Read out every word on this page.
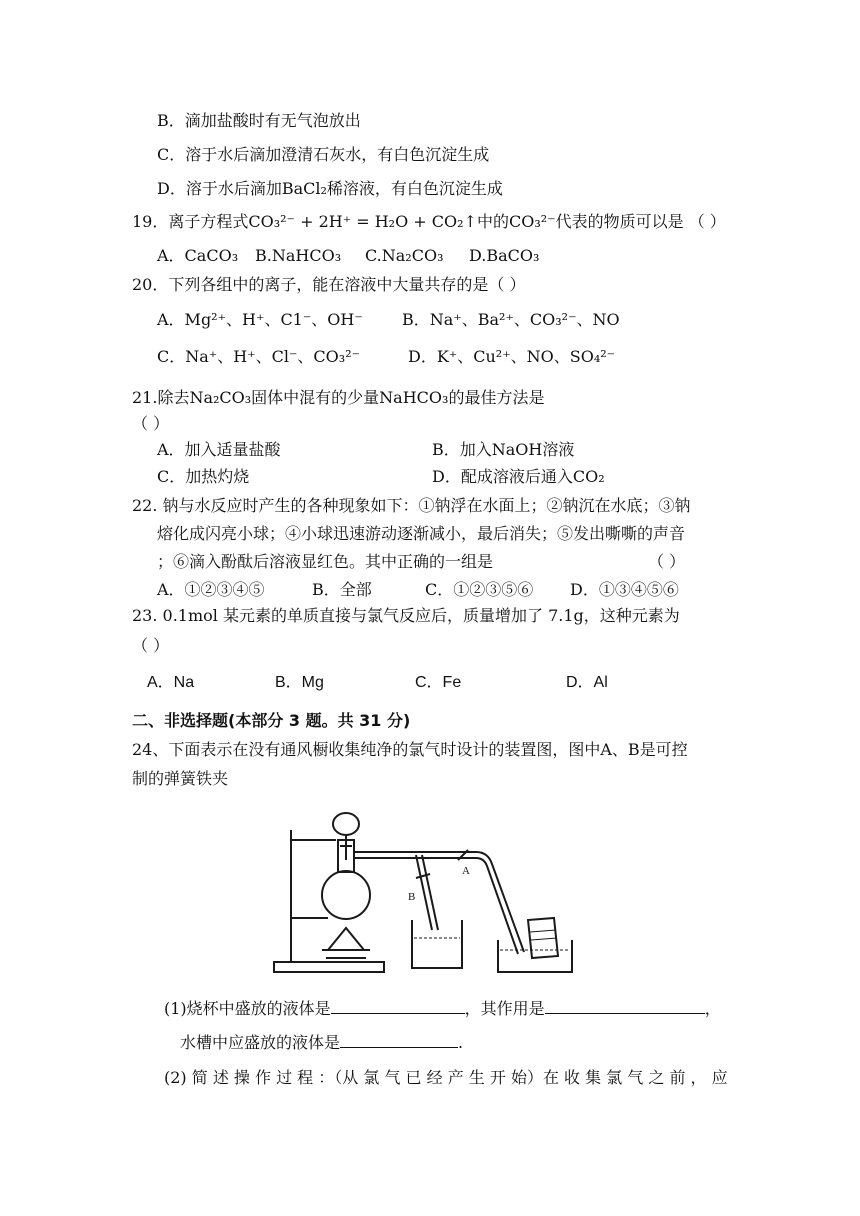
B．滴加盐酸时有无气泡放出
C．溶于水后滴加澄清石灰水，有白色沉淀生成
D．溶于水后滴加BaCl₂稀溶液，有白色沉淀生成
19．离子方程式CO₃²⁻ + 2H⁺ = H₂O + CO₂↑中的CO₃²⁻代表的物质可以是 （ ）
A．CaCO₃ B.NaHCO₃ C.Na₂CO₃ D.BaCO₃
20．下列各组中的离子，能在溶液中大量共存的是（ ）
A．Mg²⁺、H⁺、C1⁻、OH⁻ B．Na⁺、Ba²⁺、CO₃²⁻、NO
C．Na⁺、H⁺、Cl⁻、CO₃²⁻	D．K⁺、Cu²⁺、NO、SO₄²⁻
21.除去Na₂CO₃固体中混有的少量NaHCO₃的最佳方法是
（ ）
A．加入适量盐酸	B．加入NaOH溶液
C．加热灼烧	D．配成溶液后通入CO₂
22. 钠与水反应时产生的各种现象如下：①钠浮在水面上；②钠沉在水底；③钠
熔化成闪亮小球；④小球迅速游动逐渐减小，最后消失；⑤发出嘶嘶的声音
；⑥滴入酚酞后溶液显红色。其中正确的一组是	（ ）
A．①②③④⑤	B．全部	C．①②③⑤⑥ D．①③④⑤⑥
23. 0.1mol 某元素的单质直接与氯气反应后，质量增加了 7.1g，这种元素为
（ ）
A．Na	B．Mg	C．Fe	D．Al
二、非选择题(本部分 3 题。共 31 分)
24、下面表示在没有通风橱收集纯净的氯气时设计的装置图，图中A、B是可控
制的弹簧铁夹
A
B
(1)烧杯中盛放的液体是	，其作用是	，
水槽中应盛放的液体是	.
(2) 简 述 操 作 过 程 ：（从 氯 气 已 经 产 生 开 始）在 收 集 氯 气 之 前 ， 应
